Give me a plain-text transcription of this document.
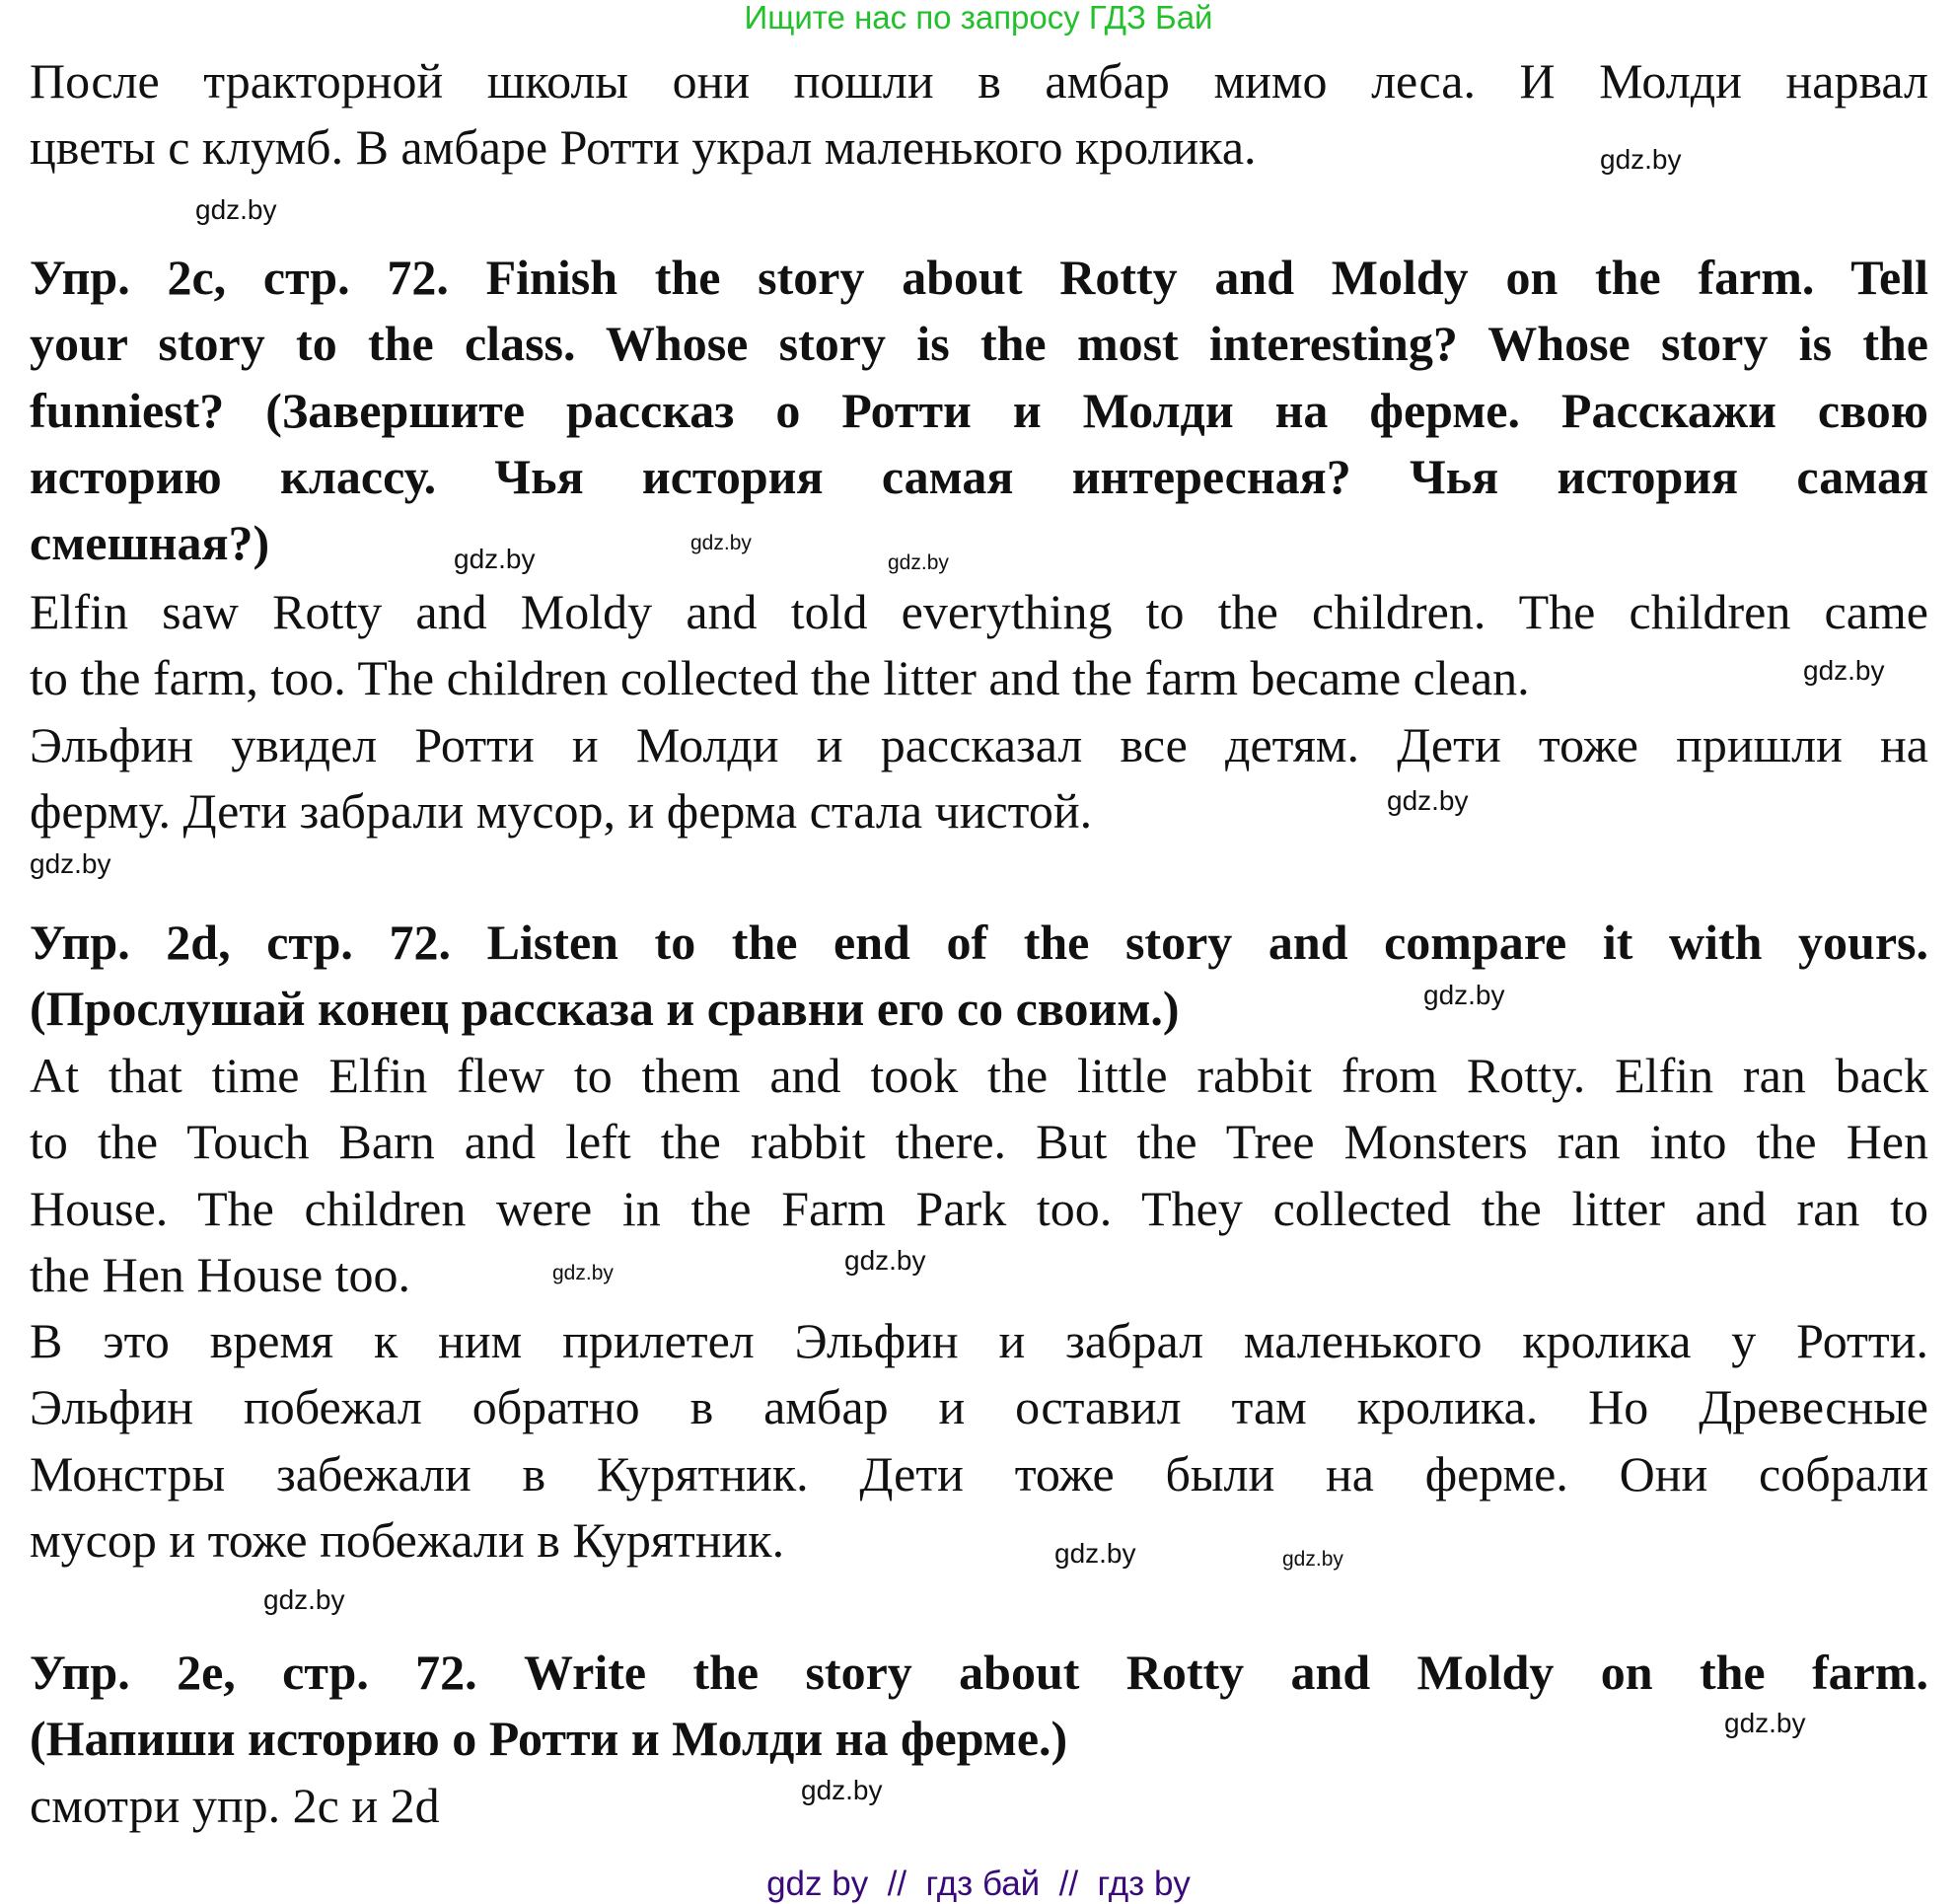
Ищите нас по запросу ГДЗ Бай
После тракторной школы они пошли в амбар мимо леса. И Молди нарвал
цветы с клумб. В амбаре Ротти украл маленького кролика.
Упр. 2c, стр. 72. Finish the story about Rotty and Moldy on the farm. Tell
your story to the class. Whose story is the most interesting? Whose story is the
funniest? (Завершите рассказ о Ротти и Молди на ферме. Расскажи свою
историю классу. Чья история самая интересная? Чья история самая
смешная?)
Elfin saw Rotty and Moldy and told everything to the children. The children came
to the farm, too. The children collected the litter and the farm became clean.
Эльфин увидел Ротти и Молди и рассказал все детям. Дети тоже пришли на
ферму. Дети забрали мусор, и ферма стала чистой.
Упр. 2d, стр. 72. Listen to the end of the story and compare it with yours.
(Прослушай конец рассказа и сравни его со своим.)
At that time Elfin flew to them and took the little rabbit from Rotty. Elfin ran back
to the Touch Barn and left the rabbit there. But the Tree Monsters ran into the Hen
House. The children were in the Farm Park too. They collected the litter and ran to
the Hen House too.
В это время к ним прилетел Эльфин и забрал маленького кролика у Ротти.
Эльфин побежал обратно в амбар и оставил там кролика. Но Древесные
Монстры забежали в Курятник. Дети тоже были на ферме. Они собрали
мусор и тоже побежали в Курятник.
Упр. 2e, стр. 72. Write the story about Rotty and Moldy on the farm.
(Напиши историю о Ротти и Молди на ферме.)
смотри упр. 2c и 2d
gdz.by
gdz.by
gdz.by
gdz.by
gdz.by
gdz.by
gdz.by
gdz.by
gdz.by
gdz.by
gdz.by
gdz.by
gdz.by
gdz.by
gdz.by
gdz.by
gdz by  //  гдз бай  //  гдз by
